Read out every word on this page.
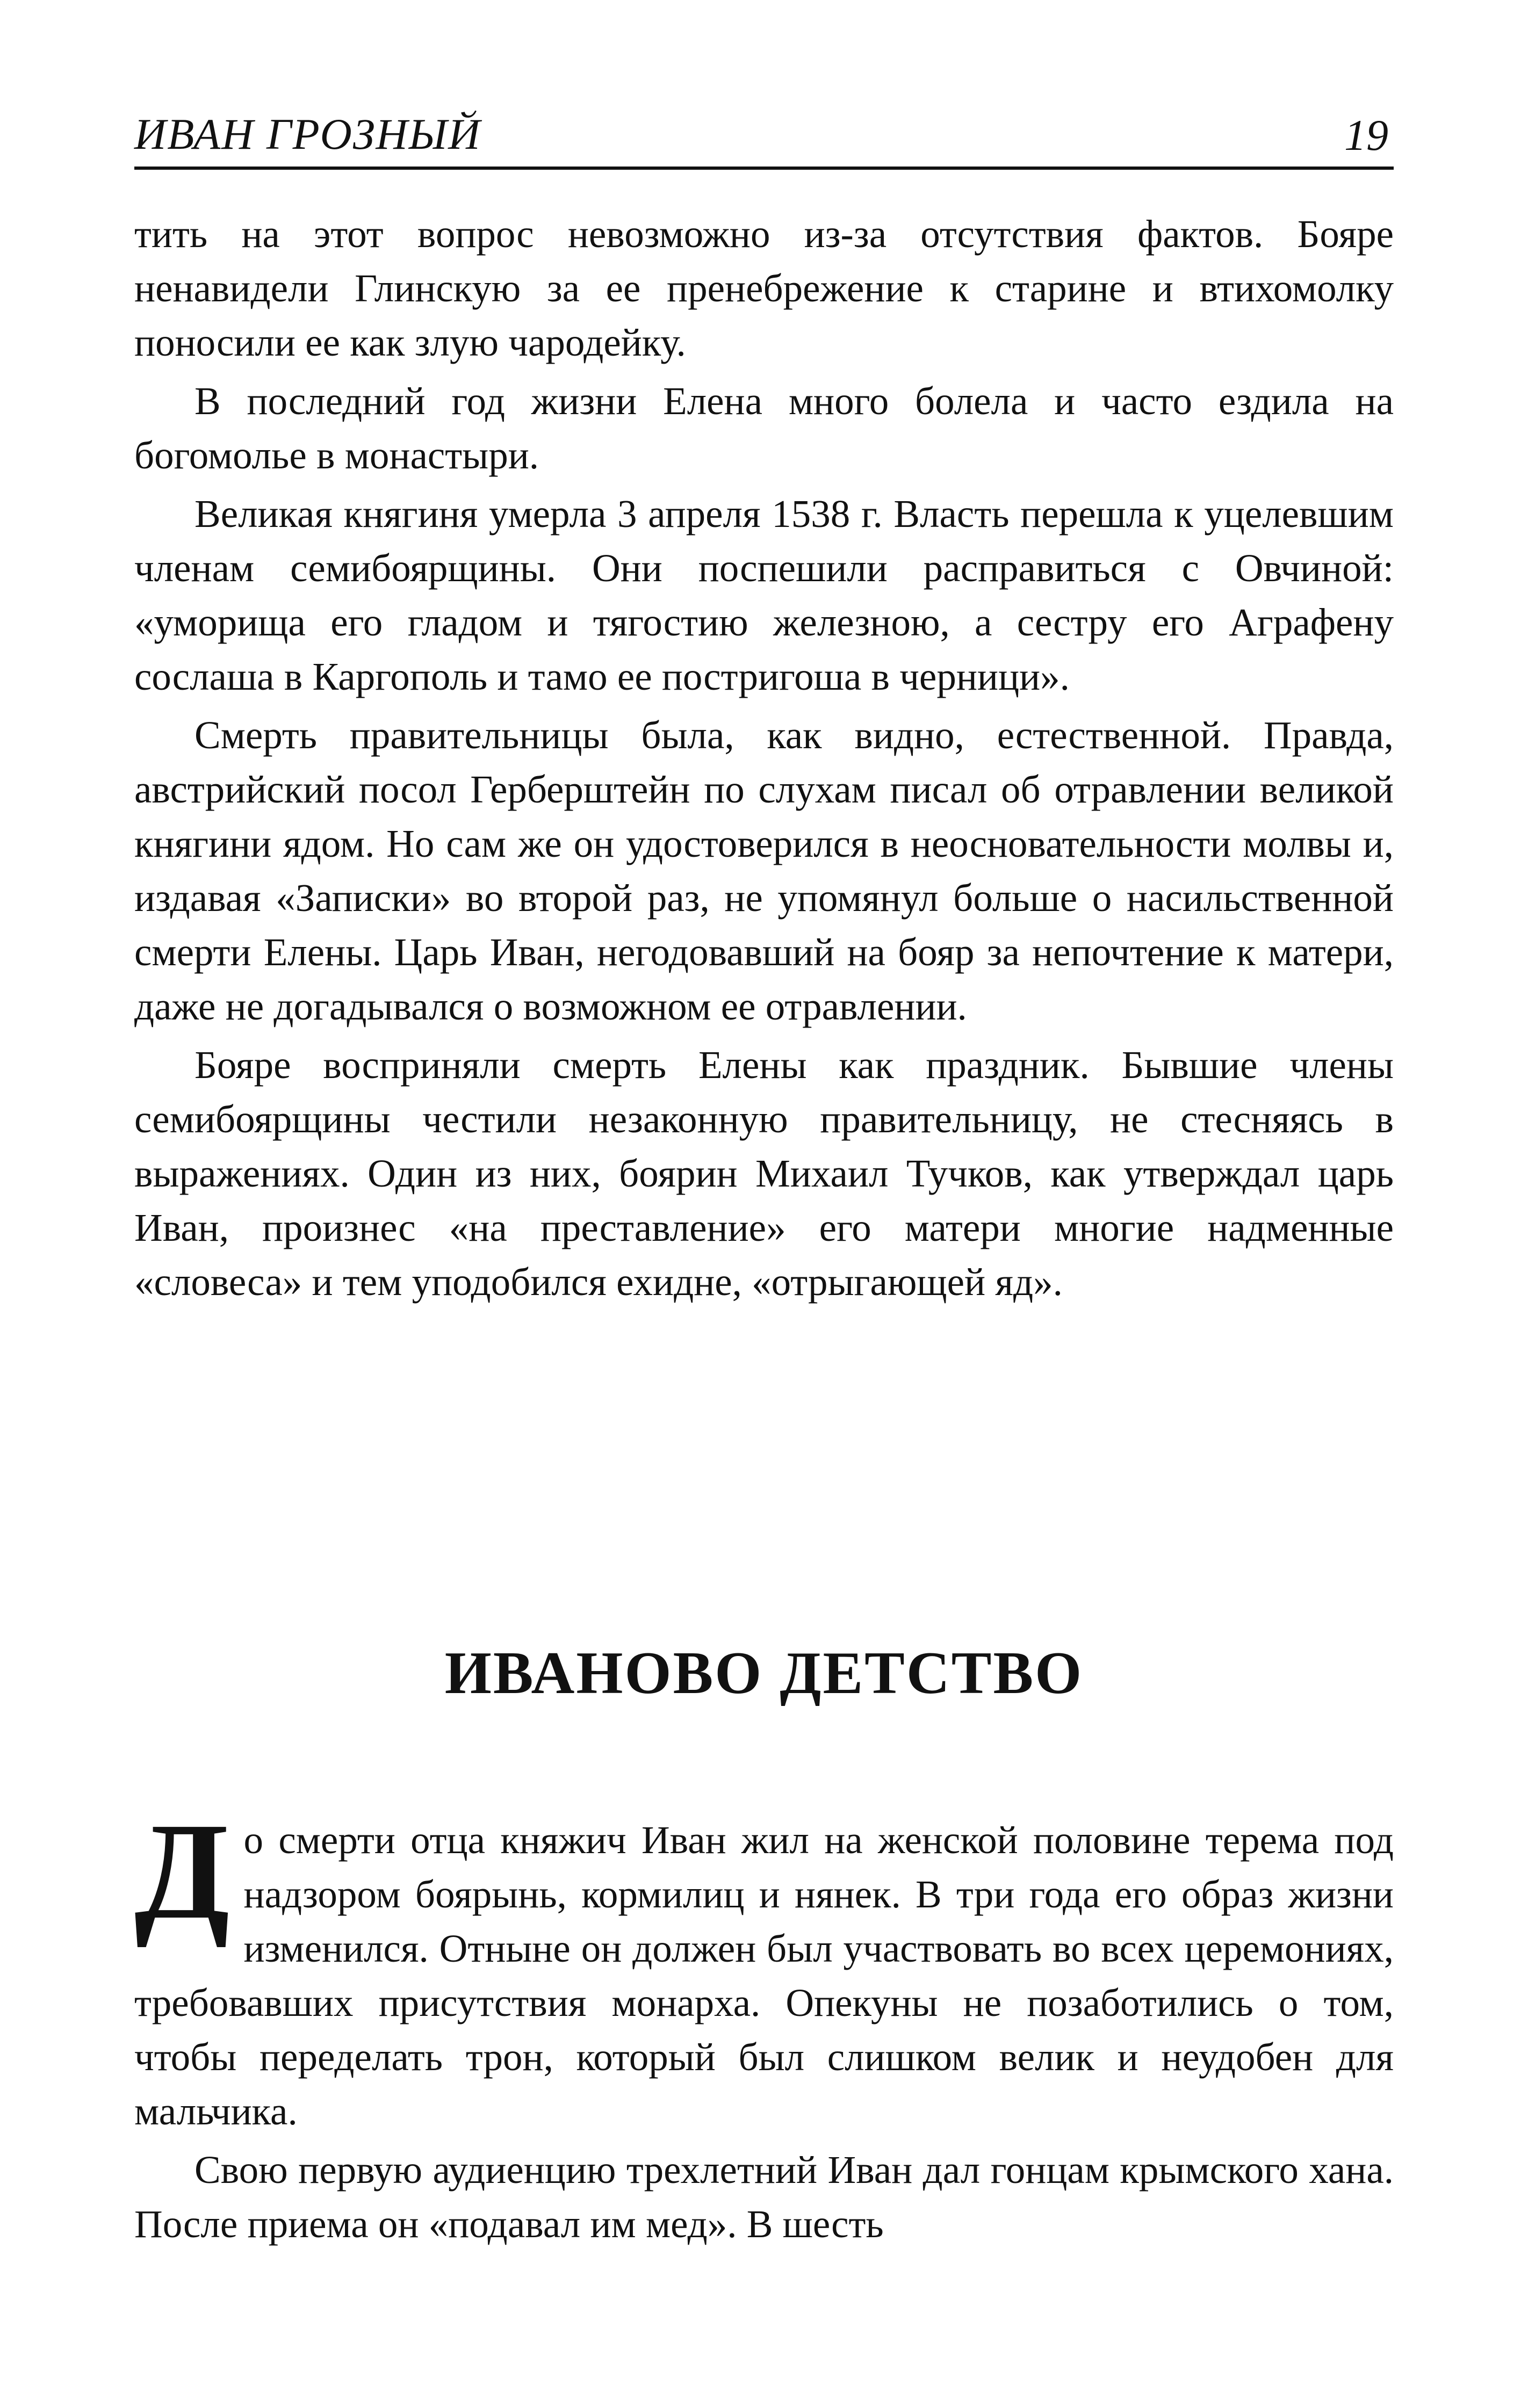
ИВАН ГРОЗНЫЙ	19

тить на этот вопрос невозможно из-за отсутствия фактов. Бояре ненавидели Глинскую за ее пренебрежение к старине и втихомолку поносили ее как злую чародейку.

В последний год жизни Елена много болела и часто ездила на богомолье в монастыри.

Великая княгиня умерла 3 апреля 1538 г. Власть перешла к уцелевшим членам семибоярщины. Они поспешили расправиться с Овчиной: «уморища его гладом и тягостию железною, а сестру его Аграфену сослаша в Каргополь и тамо ее постригоша в черници».

Смерть правительницы была, как видно, естественной. Правда, австрийский посол Герберштейн по слухам писал об отравлении великой княгини ядом. Но сам же он удостоверился в неосновательности молвы и, издавая «Записки» во второй раз, не упомянул больше о насильственной смерти Елены. Царь Иван, негодовавший на бояр за непочтение к матери, даже не догадывался о возможном ее отравлении.

Бояре восприняли смерть Елены как праздник. Бывшие члены семибоярщины честили незаконную правительницу, не стесняясь в выражениях. Один из них, боярин Михаил Тучков, как утверждал царь Иван, произнес «на преставление» его матери многие надменные «словеса» и тем уподобился ехидне, «отрыгающей яд».

ИВАНОВО ДЕТСТВО

До смерти отца княжич Иван жил на женской половине терема под надзором боярынь, кормилиц и нянек. В три года его образ жизни изменился. Отныне он должен был участвовать во всех церемониях, требовавших присутствия монарха. Опекуны не позаботились о том, чтобы переделать трон, который был слишком велик и неудобен для мальчика.

Свою первую аудиенцию трехлетний Иван дал гонцам крымского хана. После приема он «подавал им мед». В шесть
